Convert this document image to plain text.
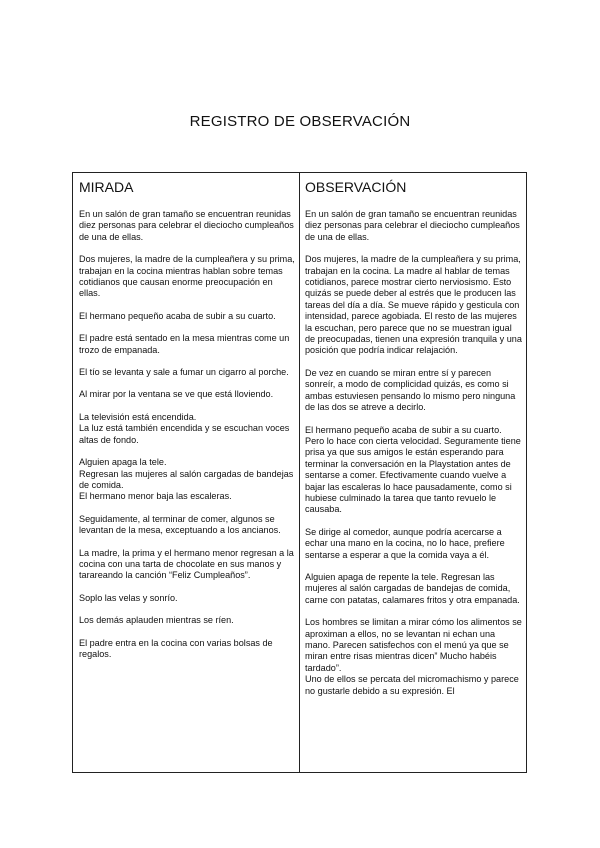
REGISTRO DE OBSERVACIÓN
MIRADA

En un salón de gran tamaño se encuentran reunidas diez personas para celebrar el dieciocho cumpleaños de una de ellas.

Dos mujeres, la madre de la cumpleañera y su prima, trabajan en la cocina mientras hablan sobre temas cotidianos que causan enorme preocupación en ellas.

El hermano pequeño acaba de subir a su cuarto.

El padre está sentado en la mesa mientras come un trozo de empanada.

El tío se levanta y sale a fumar un cigarro al porche.

Al mirar por la ventana se ve que está lloviendo.

La televisión está encendida.
La luz está también encendida y se escuchan voces altas de fondo.

Alguien apaga la tele.
Regresan las mujeres al salón cargadas de bandejas de comida.
El hermano menor baja las escaleras.

Seguidamente, al terminar de comer, algunos se levantan de la mesa, exceptuando a los ancianos.

La madre, la prima y el hermano menor regresan a la cocina con una tarta de chocolate en sus manos y tarareando la canción “Feliz Cumpleaños”.

Soplo las velas y sonrío.

Los demás aplauden mientras se ríen.

El padre entra en la cocina con varias bolsas de regalos.

OBSERVACIÓN

En un salón de gran tamaño se encuentran reunidas diez personas para celebrar el dieciocho cumpleaños de una de ellas.

Dos mujeres, la madre de la cumpleañera y su prima, trabajan en la cocina. La madre al hablar de temas cotidianos, parece mostrar cierto nerviosismo. Esto quizás se puede deber al estrés que le producen las tareas del día a día. Se mueve rápido y gesticula con intensidad, parece agobiada. El resto de las mujeres la escuchan, pero parece que no se muestran igual de preocupadas, tienen una expresión tranquila y una posición que podría indicar relajación.

De vez en cuando se miran entre sí y parecen sonreír, a modo de complicidad quizás, es como si ambas estuviesen pensando lo mismo pero ninguna de las dos se atreve a decirlo.

El hermano pequeño acaba de subir a su cuarto. Pero lo hace con cierta velocidad. Seguramente tiene prisa ya que sus amigos le están esperando para terminar la conversación en la Playstation antes de sentarse a comer. Efectivamente cuando vuelve a bajar las escaleras lo hace pausadamente, como si hubiese culminado la tarea que tanto revuelo le causaba.

Se dirige al comedor, aunque podría acercarse a echar una mano en la cocina, no lo hace, prefiere sentarse a esperar a que la comida vaya a él.

Alguien apaga de repente la tele. Regresan las mujeres al salón cargadas de bandejas de comida, carne con patatas, calamares fritos y otra empanada.

Los hombres se limitan a mirar cómo los alimentos se aproximan a ellos, no se levantan ni echan una mano. Parecen satisfechos con el menú ya que se miran entre risas mientras dicen” Mucho habéis tardado”.
Uno de ellos se percata del micromachismo y parece no gustarle debido a su expresión. El
